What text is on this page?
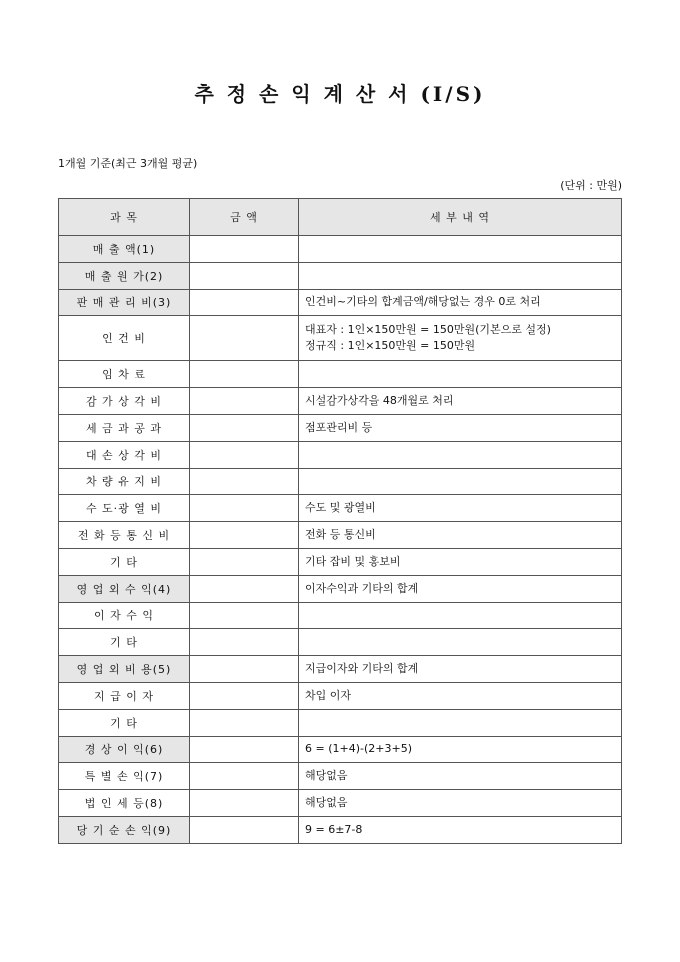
추 정 손 익 계 산 서 (I/S)
1개월 기준(최근 3개월 평균)
(단위 : 만원)
과 목	금 액	세 부 내 역
매 출 액(1)		
매 출 원 가(2)		
판 매 관 리 비(3)		인건비~기타의 합계금액/해당없는 경우 0로 처리
인 건 비		대표자 : 1인×150만원 = 150만원(기본으로 설정)
정규직 : 1인×150만원 = 150만원

임 차 료		
감 가 상 각 비		시설감가상각을 48개월로 처리
세 금 과 공 과		점포관리비 등
대 손 상 각 비		
차 량 유 지 비		
수 도·광 열 비		수도 및 광열비
전 화 등 통 신 비		전화 등 통신비
기 타		기타 잡비 및 홍보비
영 업 외 수 익(4)		이자수익과 기타의 합계
이 자 수 익		
기 타		
영 업 외 비 용(5)		지급이자와 기타의 합계
지 급 이 자		차입 이자
기 타		
경 상 이 익(6)		6 = (1+4)-(2+3+5)
특 별 손 익(7)		해당없음
법 인 세 등(8)		해당없음
당 기 순 손 익(9)		9 = 6±7-8
